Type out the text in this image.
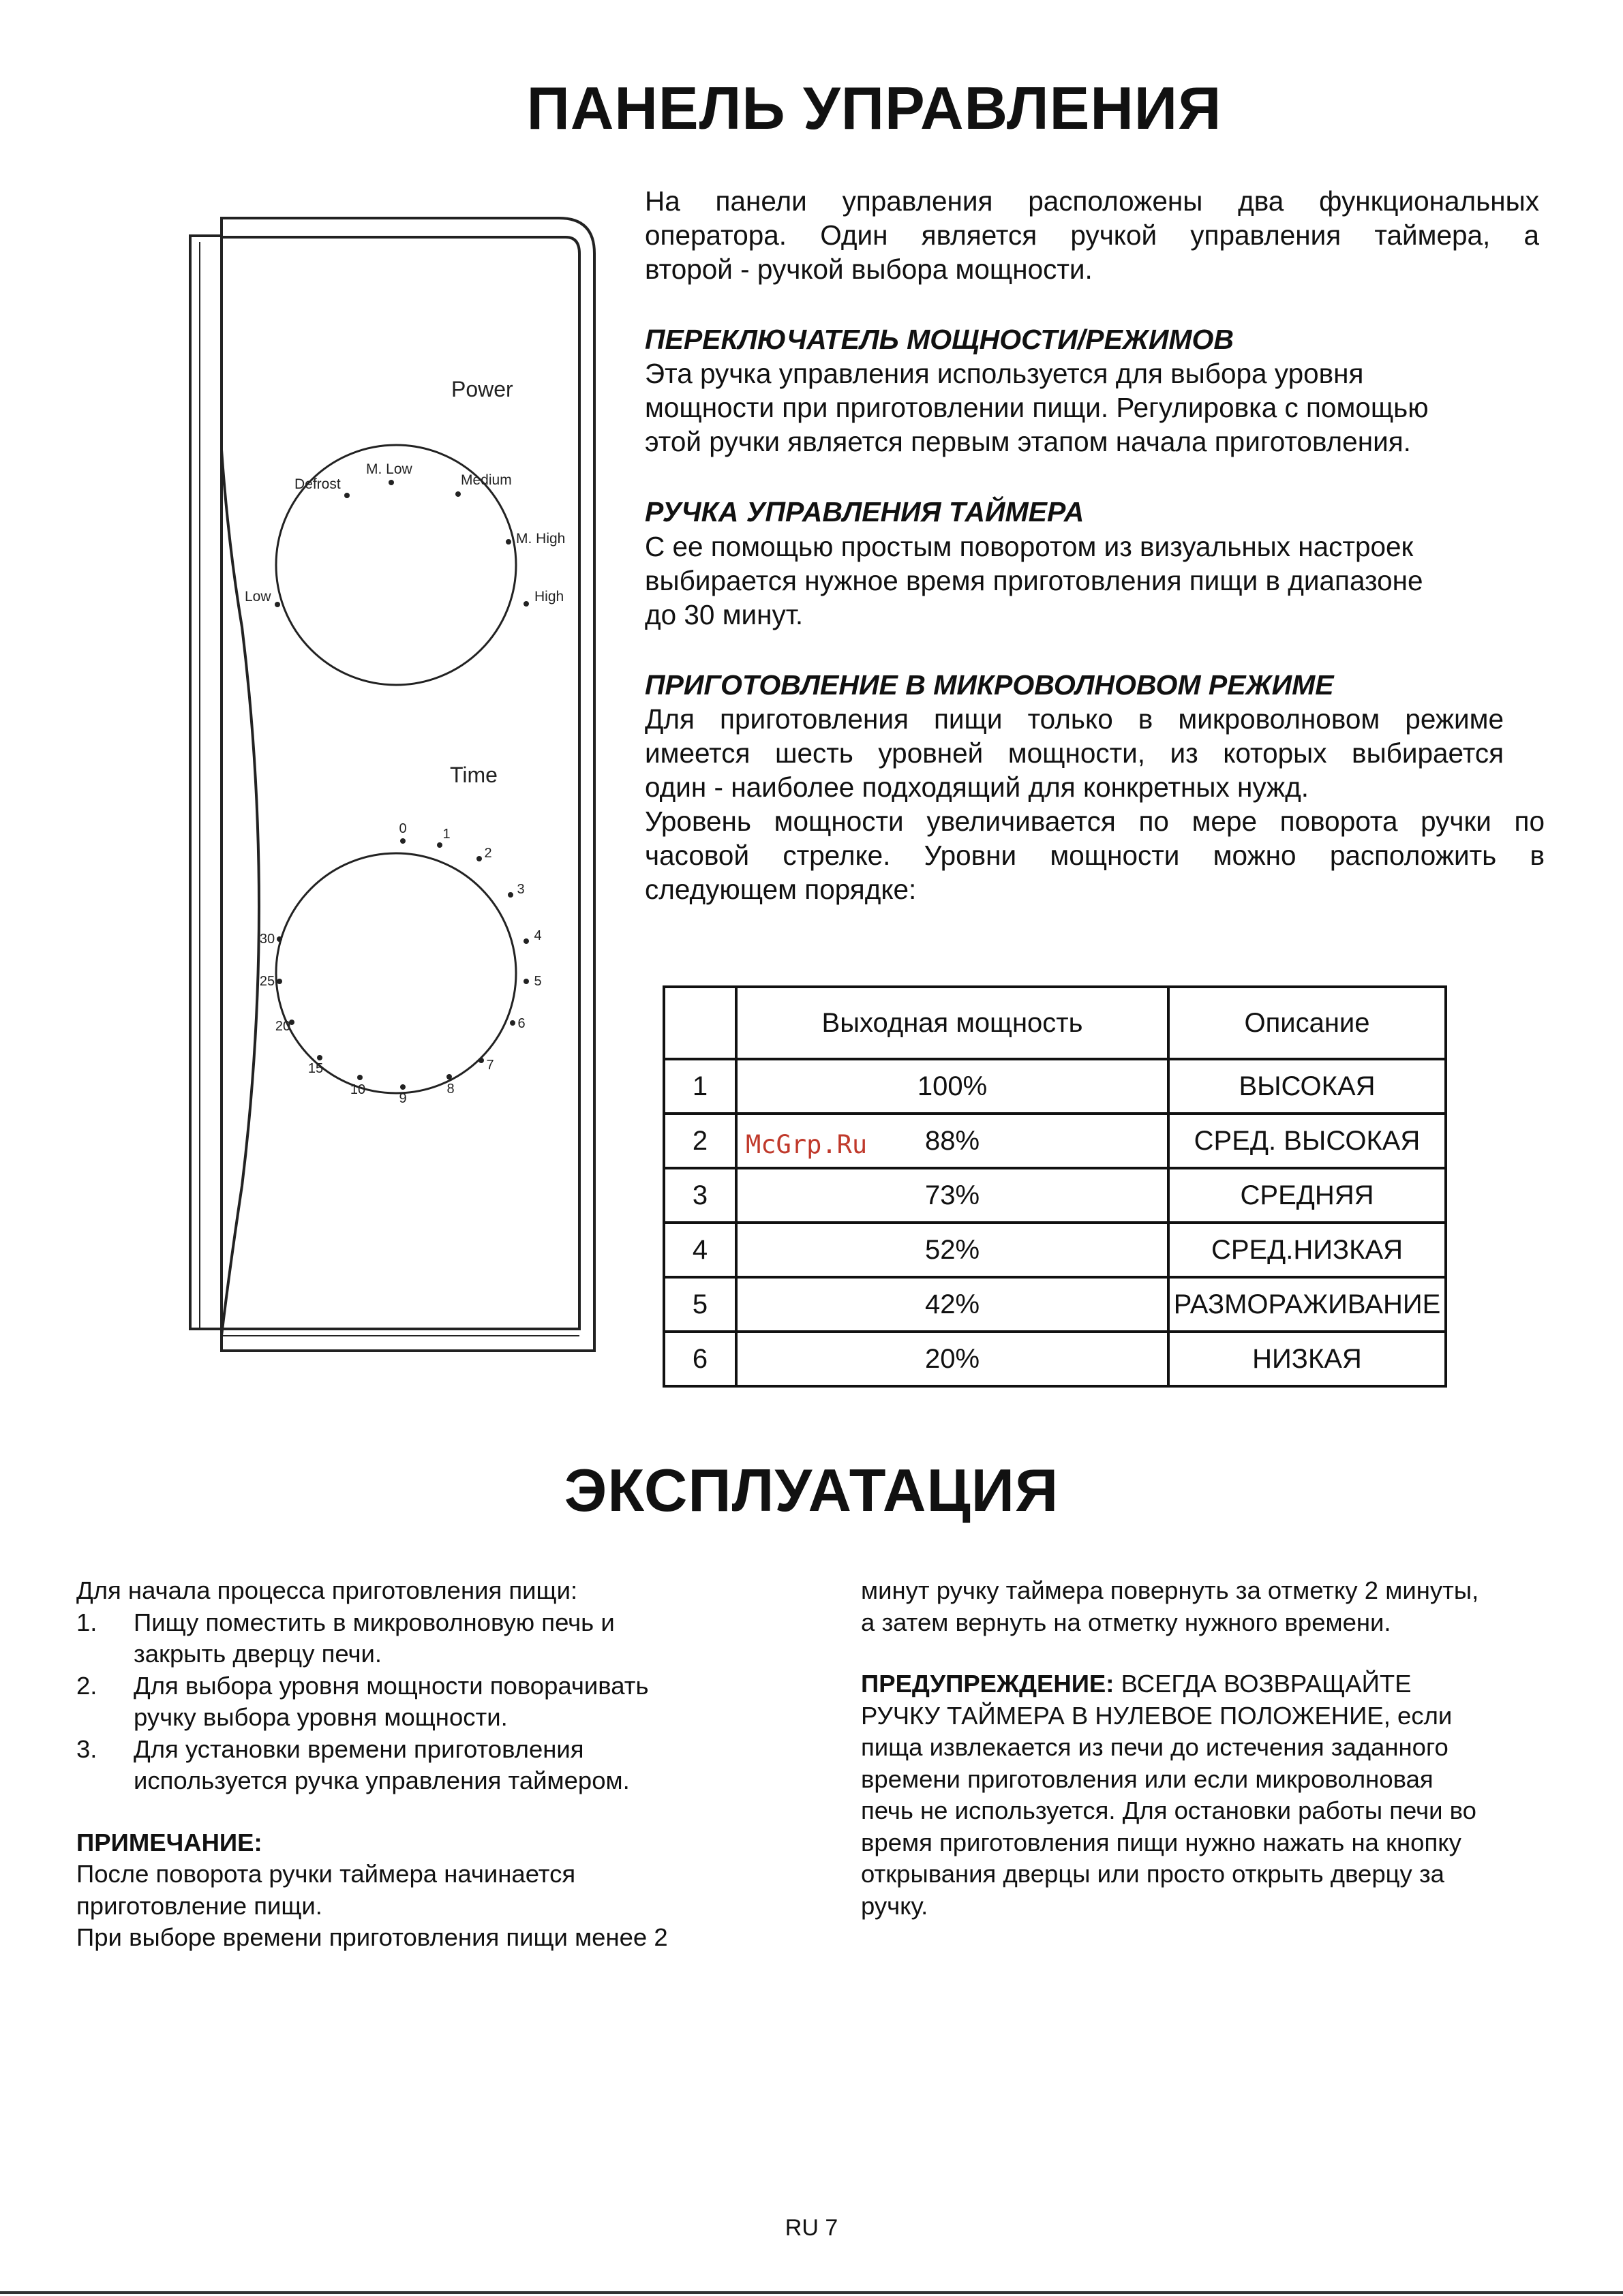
ПАНЕЛЬ УПРАВЛЕНИЯ
Power
Time
Low
Defrost
M. Low
Medium
M. High
High
0	1
2
3
4
5
6
7
8
9
10
15
20
25
30
На панели управления расположены два функциональных
оператора. Один является ручкой управления таймера, а
второй - ручкой выбора мощности.
ПЕРЕКЛЮЧАТЕЛЬ МОЩНОСТИ/РЕЖИМОВ
Эта ручка управления используется для выбора уровня
мощности при приготовлении пищи. Регулировка с помощью
этой ручки является первым этапом начала приготовления.
РУЧКА УПРАВЛЕНИЯ ТАЙМЕРА
С ее помощью простым поворотом из визуальных настроек
выбирается нужное время приготовления пищи в диапазоне
до 30 минут.
ПРИГОТОВЛЕНИЕ В МИКРОВОЛНОВОМ РЕЖИМЕ
Для приготовления пищи только в микроволновом режиме
имеется шесть уровней мощности, из которых выбирается
один - наиболее подходящий для конкретных нужд.
Уровень мощности увеличивается по мере поворота ручки по
часовой стрелке. Уровни мощности можно расположить в
следующем порядке:
	Выходная мощность	Описание
1	100%	ВЫСОКАЯ
2	88%	СРЕД. ВЫСОКАЯ
3	73%	СРЕДНЯЯ
4	52%	СРЕД.НИЗКАЯ
5	42%	РАЗМОРАЖИВАНИЕ
6	20%	НИЗКАЯ
McGrp.Ru
ЭКСПЛУАТАЦИЯ
Для начала процесса приготовления пищи:
1. Пищу поместить в микроволновую печь и
закрыть дверцу печи.
2. Для выбора уровня мощности поворачивать
ручку выбора уровня мощности.
3. Для установки времени приготовления
используется ручка управления таймером.
ПРИМЕЧАНИЕ:
После поворота ручки таймера начинается
приготовление пищи.
При выборе времени приготовления пищи менее 2
минут ручку таймера повернуть за отметку 2 минуты,
а затем вернуть на отметку нужного времени.
ПРЕДУПРЕЖДЕНИЕ: ВСЕГДА ВОЗВРАЩАЙТЕ
РУЧКУ ТАЙМЕРА В НУЛЕВОЕ ПОЛОЖЕНИЕ, если
пища извлекается из печи до истечения заданного
времени приготовления или если микроволновая
печь не используется. Для остановки работы печи во
время приготовления пищи нужно нажать на кнопку
открывания дверцы или просто открыть дверцу за
ручку.
RU 7
